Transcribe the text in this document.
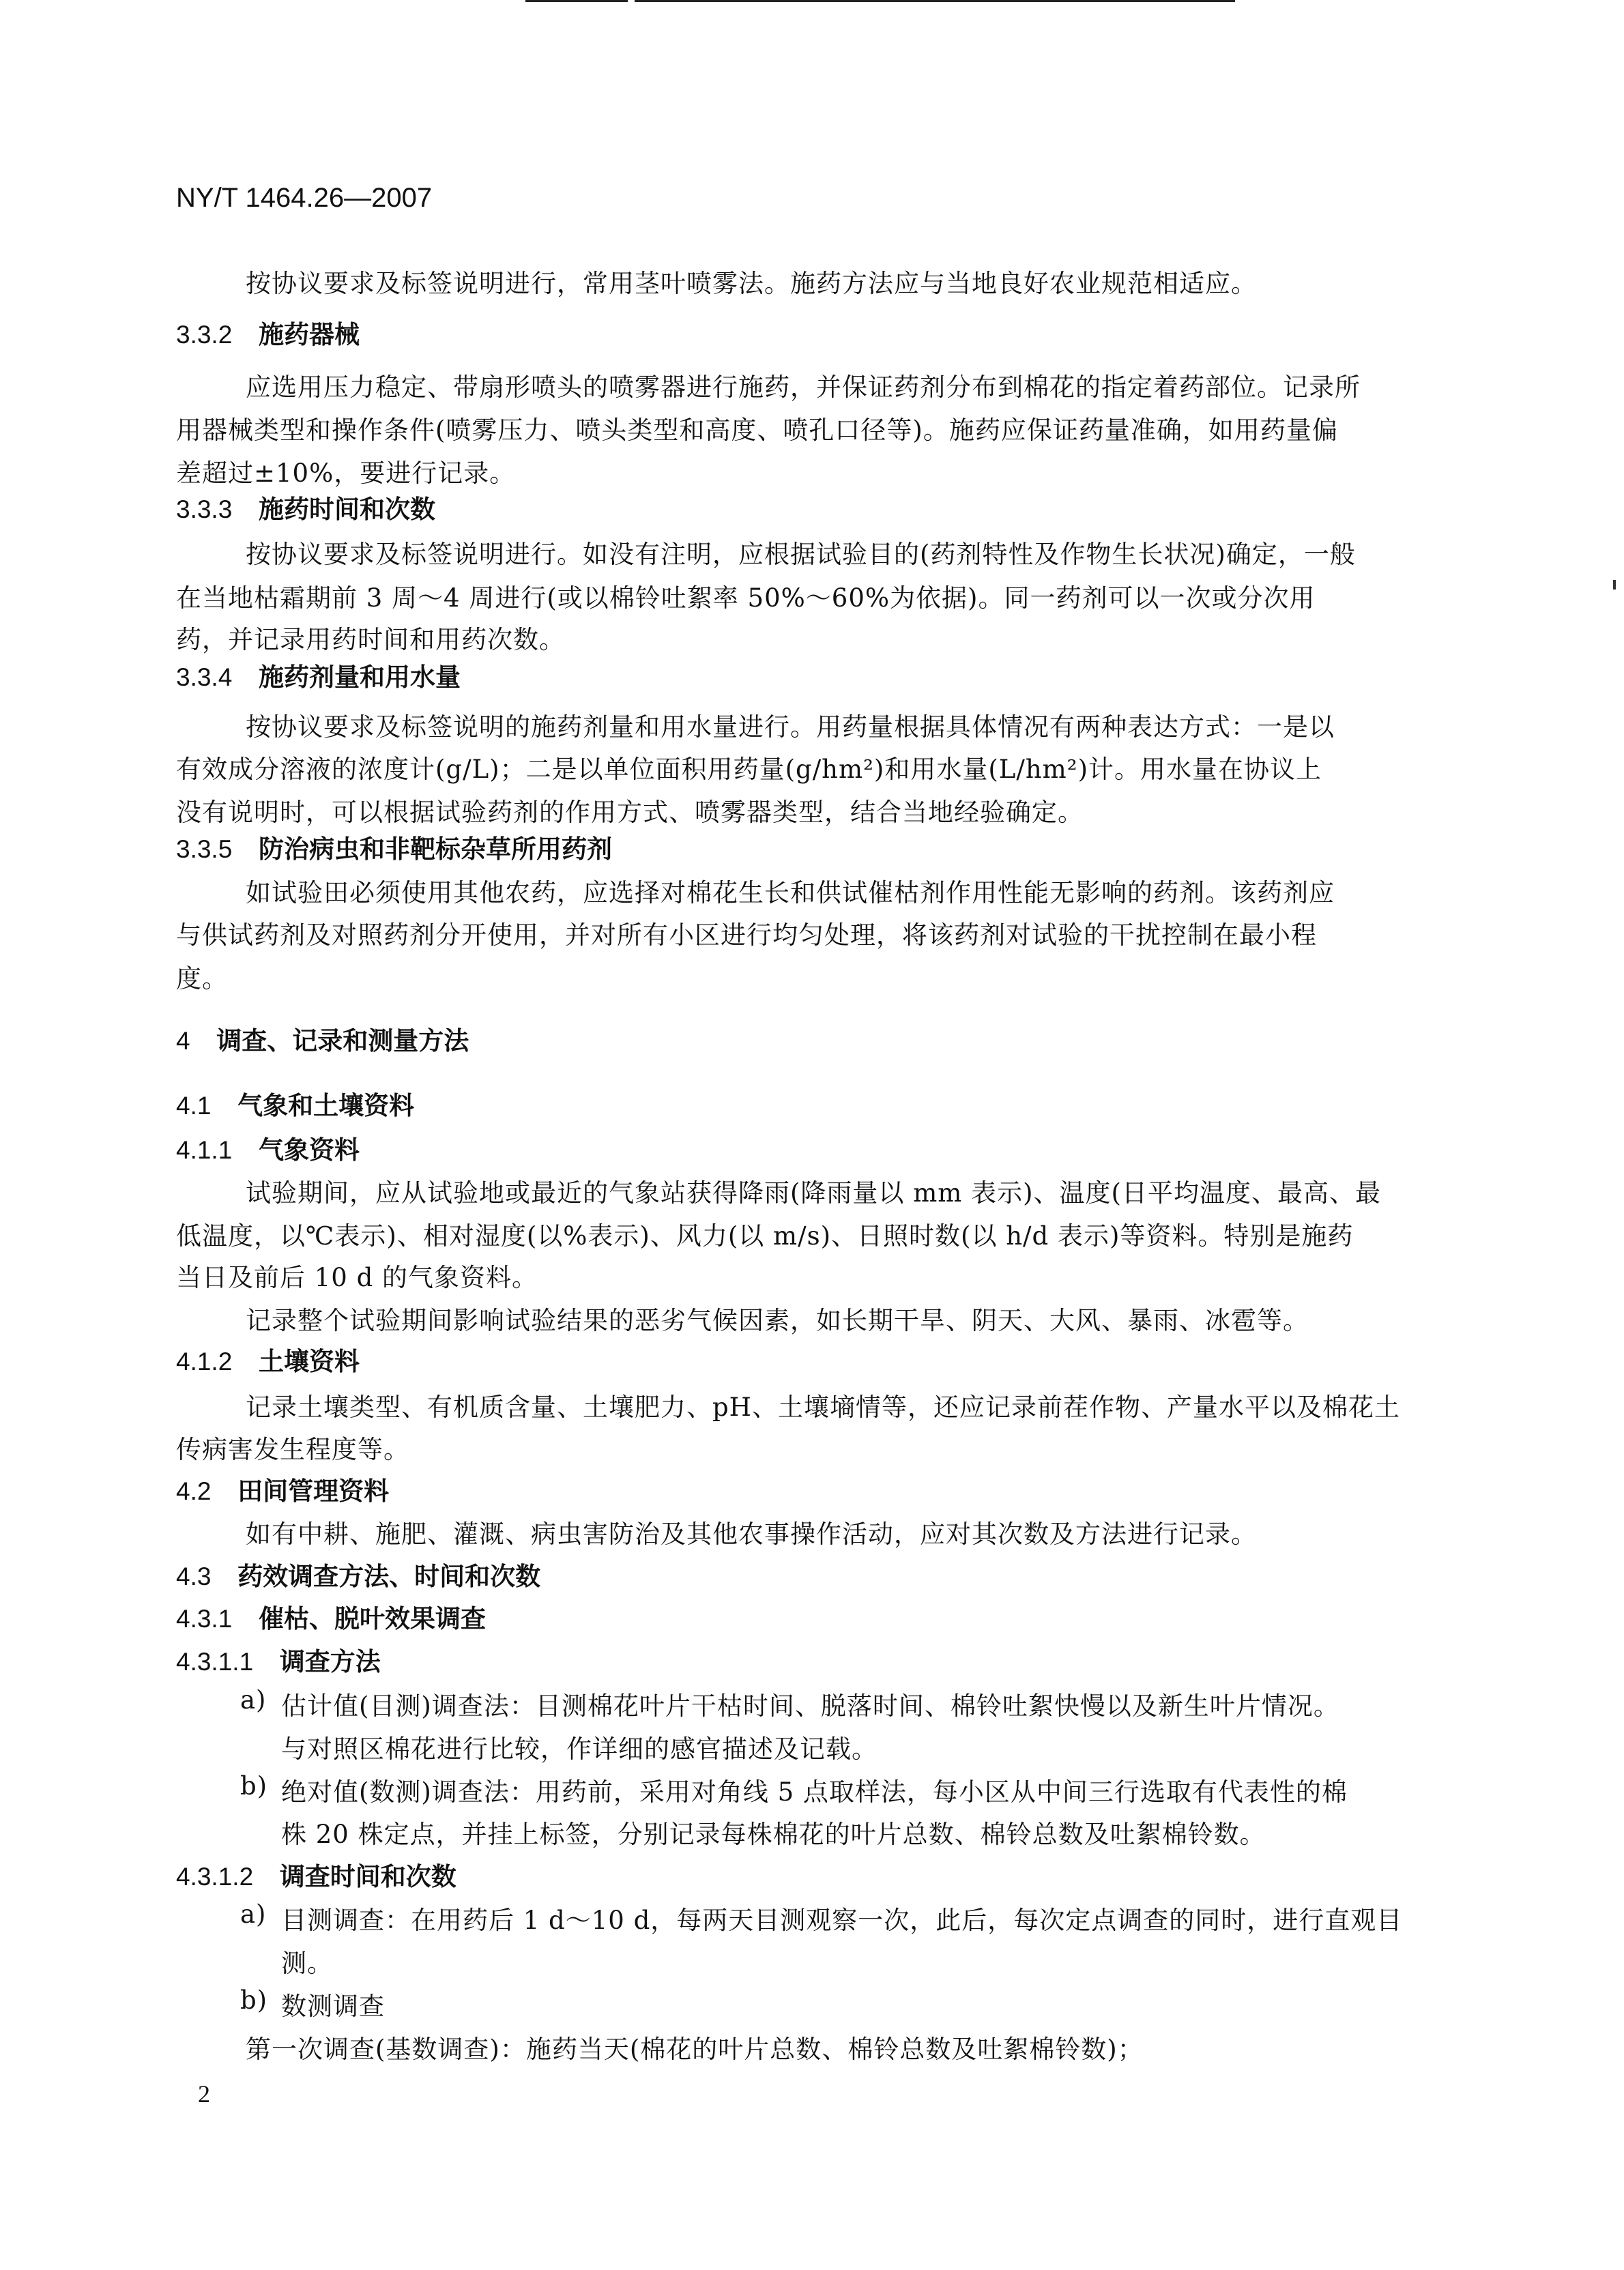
NY/T 1464.26—2007
按协议要求及标签说明进行，常用茎叶喷雾法。施药方法应与当地良好农业规范相适应。
3.3.2 施药器械
应选用压力稳定、带扇形喷头的喷雾器进行施药，并保证药剂分布到棉花的指定着药部位。记录所
用器械类型和操作条件(喷雾压力、喷头类型和高度、喷孔口径等)。施药应保证药量准确，如用药量偏
差超过±10%，要进行记录。
3.3.3 施药时间和次数
按协议要求及标签说明进行。如没有注明，应根据试验目的(药剂特性及作物生长状况)确定，一般
在当地枯霜期前 3 周～4 周进行(或以棉铃吐絮率 50%～60%为依据)。同一药剂可以一次或分次用
药，并记录用药时间和用药次数。
3.3.4 施药剂量和用水量
按协议要求及标签说明的施药剂量和用水量进行。用药量根据具体情况有两种表达方式：一是以
有效成分溶液的浓度计(g/L)；二是以单位面积用药量(g/hm²)和用水量(L/hm²)计。用水量在协议上
没有说明时，可以根据试验药剂的作用方式、喷雾器类型，结合当地经验确定。
3.3.5 防治病虫和非靶标杂草所用药剂
如试验田必须使用其他农药，应选择对棉花生长和供试催枯剂作用性能无影响的药剂。该药剂应
与供试药剂及对照药剂分开使用，并对所有小区进行均匀处理，将该药剂对试验的干扰控制在最小程
度。
4 调查、记录和测量方法
4.1 气象和土壤资料
4.1.1 气象资料
试验期间，应从试验地或最近的气象站获得降雨(降雨量以 mm 表示)、温度(日平均温度、最高、最
低温度，以℃表示)、相对湿度(以%表示)、风力(以 m/s)、日照时数(以 h/d 表示)等资料。特别是施药
当日及前后 10 d 的气象资料。
记录整个试验期间影响试验结果的恶劣气候因素，如长期干旱、阴天、大风、暴雨、冰雹等。
4.1.2 土壤资料
记录土壤类型、有机质含量、土壤肥力、pH、土壤墒情等，还应记录前茬作物、产量水平以及棉花土
传病害发生程度等。
4.2 田间管理资料
如有中耕、施肥、灌溉、病虫害防治及其他农事操作活动，应对其次数及方法进行记录。
4.3 药效调查方法、时间和次数
4.3.1 催枯、脱叶效果调查
4.3.1.1 调查方法
a) 估计值(目测)调查法：目测棉花叶片干枯时间、脱落时间、棉铃吐絮快慢以及新生叶片情况。
与对照区棉花进行比较，作详细的感官描述及记载。
b) 绝对值(数测)调查法：用药前，采用对角线 5 点取样法，每小区从中间三行选取有代表性的棉
株 20 株定点，并挂上标签，分别记录每株棉花的叶片总数、棉铃总数及吐絮棉铃数。
4.3.1.2 调查时间和次数
a) 目测调查：在用药后 1 d～10 d，每两天目测观察一次，此后，每次定点调查的同时，进行直观目
测。
b) 数测调查
第一次调查(基数调查)：施药当天(棉花的叶片总数、棉铃总数及吐絮棉铃数)；
2
